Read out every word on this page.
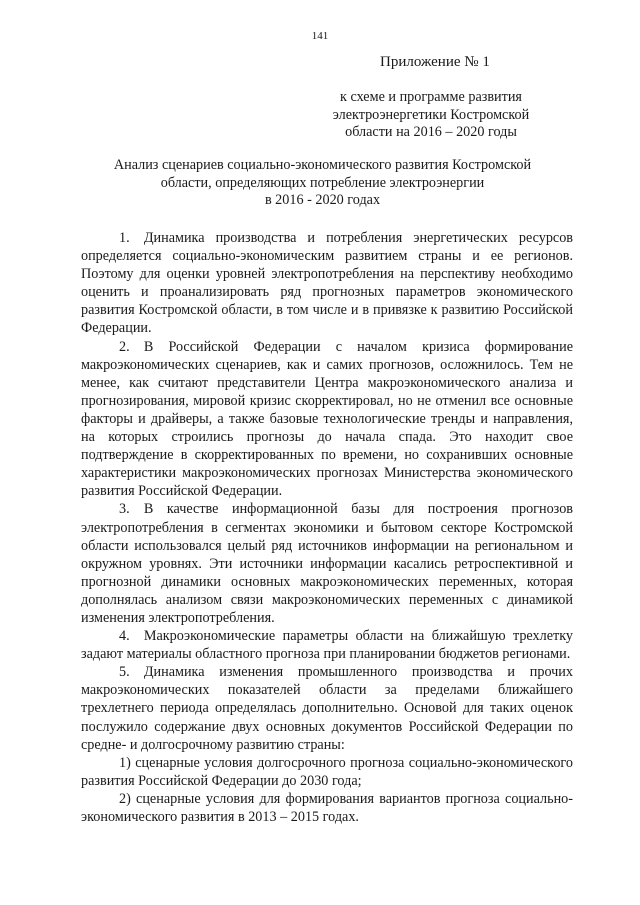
141
Приложение № 1
к схеме и программе развития
электроэнергетики Костромской
области на 2016 – 2020 годы
Анализ сценариев социально-экономического развития Костромской
области, определяющих потребление электроэнергии
в 2016 - 2020 годах

1. Динамика производства и потребления энергетических ресурсов определяется социально-экономическим развитием страны и ее регионов. Поэтому для оценки уровней электропотребления на перспективу необходимо оценить и проанализировать ряд прогнозных параметров экономического развития Костромской области, в том числе и в привязке к развитию Российской Федерации.

2. В Российской Федерации с началом кризиса формирование макроэкономических сценариев, как и самих прогнозов, осложнилось. Тем не менее, как считают представители Центра макроэкономического анализа и прогнозирования, мировой кризис скорректировал, но не отменил все основные факторы и драйверы, а также базовые технологические тренды и направления, на которых строились прогнозы до начала спада. Это находит свое подтверждение в скорректированных по времени, но сохранивших основные характеристики макроэкономических прогнозах Министерства экономического развития Российской Федерации.

3. В качестве информационной базы для построения прогнозов электропотребления в сегментах экономики и бытовом секторе Костромской области использовался целый ряд источников информации на региональном и окружном уровнях. Эти источники информации касались ретроспективной и прогнозной динамики основных макроэкономических переменных, которая дополнялась анализом связи макроэкономических переменных с динамикой изменения электропотребления.

4. Макроэкономические параметры области на ближайшую трехлетку задают материалы областного прогноза при планировании бюджетов регионами.

5. Динамика изменения промышленного производства и прочих макроэкономических показателей области за пределами ближайшего трехлетнего периода определялась дополнительно. Основой для таких оценок послужило содержание двух основных документов Российской Федерации по средне- и долгосрочному развитию страны:

1) сценарные условия долгосрочного прогноза социально-экономического развития Российской Федерации до 2030 года;

2) сценарные условия для формирования вариантов прогноза социально-экономического развития в 2013 – 2015 годах.
